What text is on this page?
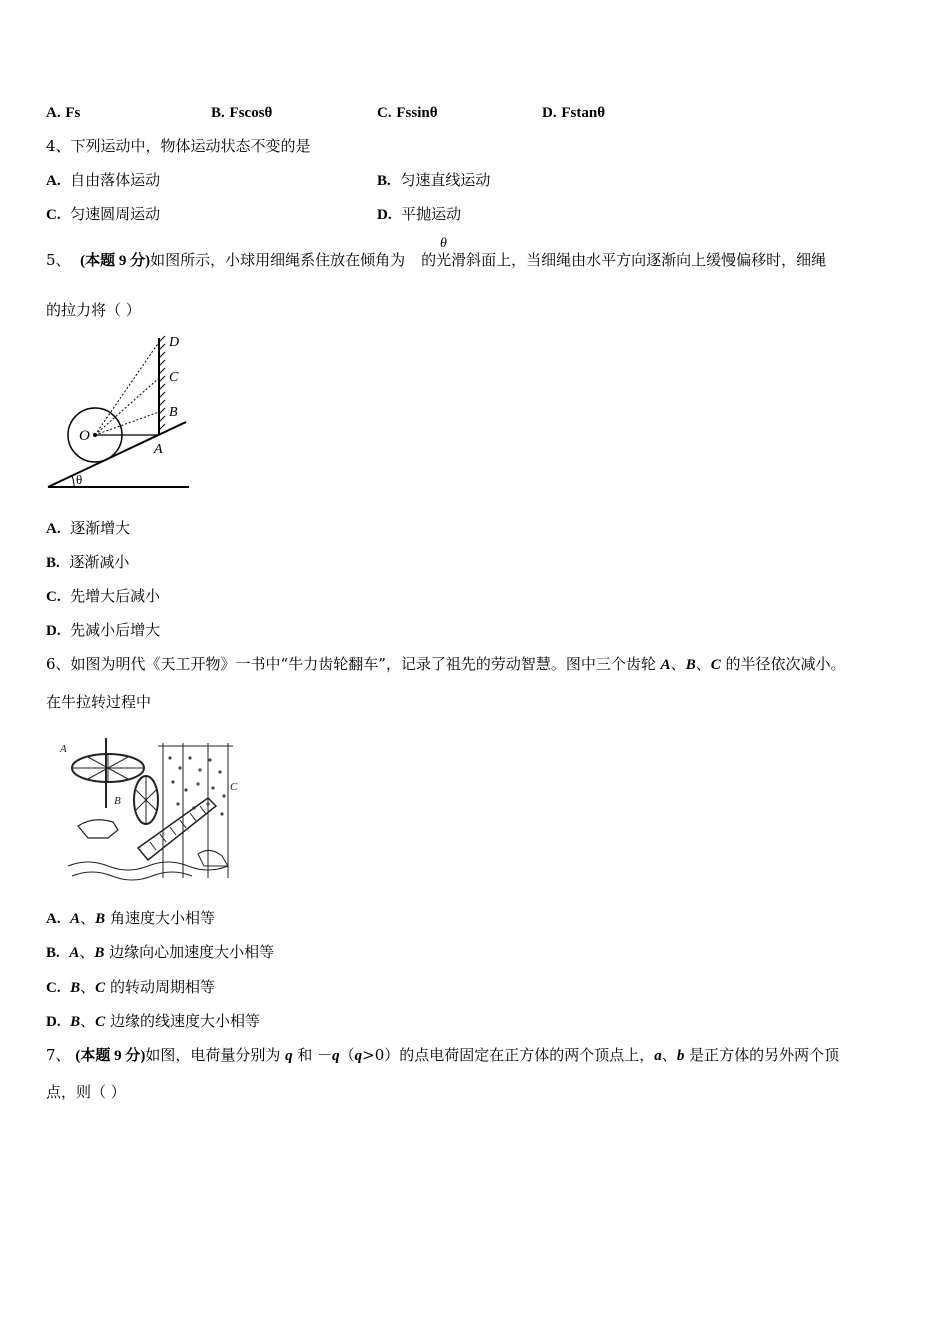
A. Fs	B. Fscosθ	C. Fssinθ	D. Fstanθ
4、下列运动中，物体运动状态不变的是
A. 自由落体运动	B. 匀速直线运动
C. 匀速圆周运动	D. 平抛运动
5、 (本题 9 分)如图所示，小球用细绳系住放在倾角为 的光滑斜面上，当细绳由水平方向逐渐向上缓慢偏移时，细绳
θ
的拉力将（ ）
θ
O
D
C
B
A
A. 逐渐增大
B. 逐渐减小
C. 先增大后减小
D. 先减小后增大
6、如图为明代《天工开物》一书中“牛力齿轮翻车”，记录了祖先的劳动智慧。图中三个齿轮 A、B、C 的半径依次减小。
在牛拉转过程中
A
B
C
A. A、B 角速度大小相等
B. A、B 边缘向心加速度大小相等
C. B、C 的转动周期相等
D. B、C 边缘的线速度大小相等
7、 (本题 9 分)如图，电荷量分别为 q 和 －q（q>0）的点电荷固定在正方体的两个顶点上，a、b 是正方体的另外两个顶
点，则（ ）
